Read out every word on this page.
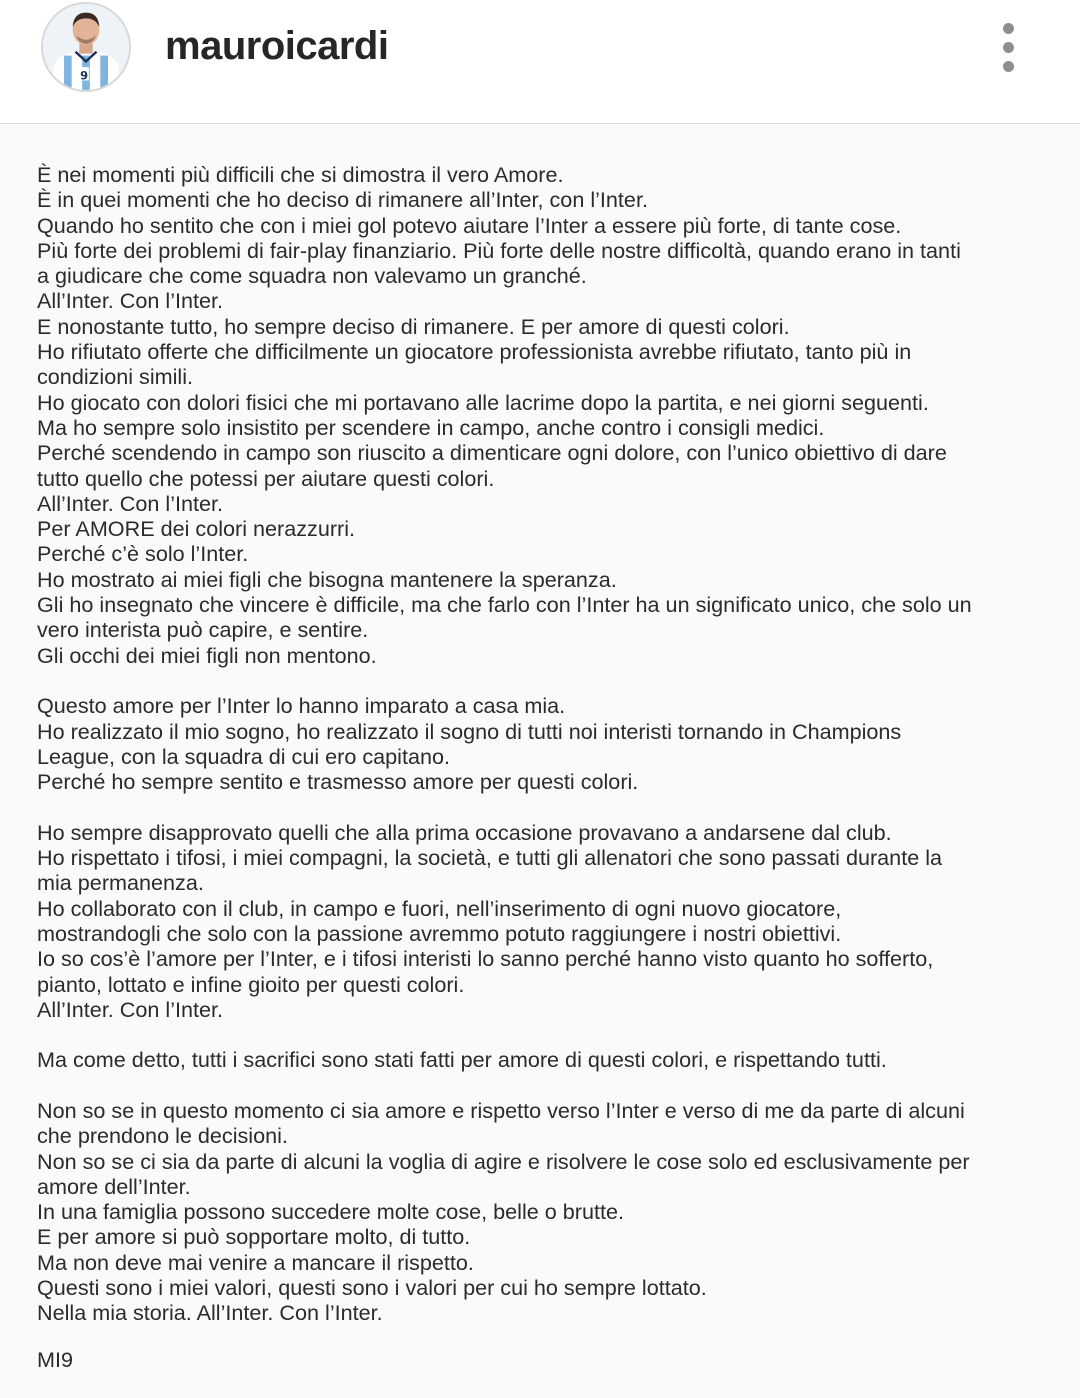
9
mauroicardi
È nei momenti più difficili che si dimostra il vero Amore.
È in quei momenti che ho deciso di rimanere all’Inter, con l’Inter.
Quando ho sentito che con i miei gol potevo aiutare l’Inter a essere più forte, di tante cose.
Più forte dei problemi di fair-play finanziario. Più forte delle nostre difficoltà, quando erano in tanti
a giudicare che come squadra non valevamo un granché.
All’Inter. Con l’Inter.
E nonostante tutto, ho sempre deciso di rimanere. E per amore di questi colori.
Ho rifiutato offerte che difficilmente un giocatore professionista avrebbe rifiutato, tanto più in
condizioni simili.
Ho giocato con dolori fisici che mi portavano alle lacrime dopo la partita, e nei giorni seguenti.
Ma ho sempre solo insistito per scendere in campo, anche contro i consigli medici.
Perché scendendo in campo son riuscito a dimenticare ogni dolore, con l’unico obiettivo di dare
tutto quello che potessi per aiutare questi colori.
All’Inter. Con l’Inter.
Per AMORE dei colori nerazzurri.
Perché c’è solo l’Inter.
Ho mostrato ai miei figli che bisogna mantenere la speranza.
Gli ho insegnato che vincere è difficile, ma che farlo con l’Inter ha un significato unico, che solo un
vero interista può capire, e sentire.
Gli occhi dei miei figli non mentono.
Questo amore per l’Inter lo hanno imparato a casa mia.
Ho realizzato il mio sogno, ho realizzato il sogno di tutti noi interisti tornando in Champions
League, con la squadra di cui ero capitano.
Perché ho sempre sentito e trasmesso amore per questi colori.
Ho sempre disapprovato quelli che alla prima occasione provavano a andarsene dal club.
Ho rispettato i tifosi, i miei compagni, la società, e tutti gli allenatori che sono passati durante la
mia permanenza.
Ho collaborato con il club, in campo e fuori, nell’inserimento di ogni nuovo giocatore,
mostrandogli che solo con la passione avremmo potuto raggiungere i nostri obiettivi.
Io so cos’è l’amore per l’Inter, e i tifosi interisti lo sanno perché hanno visto quanto ho sofferto,
pianto, lottato e infine gioito per questi colori.
All’Inter. Con l’Inter.
Ma come detto, tutti i sacrifici sono stati fatti per amore di questi colori, e rispettando tutti.
Non so se in questo momento ci sia amore e rispetto verso l’Inter e verso di me da parte di alcuni
che prendono le decisioni.
Non so se ci sia da parte di alcuni la voglia di agire e risolvere le cose solo ed esclusivamente per
amore dell’Inter.
In una famiglia possono succedere molte cose, belle o brutte.
E per amore si può sopportare molto, di tutto.
Ma non deve mai venire a mancare il rispetto.
Questi sono i miei valori, questi sono i valori per cui ho sempre lottato.
Nella mia storia. All’Inter. Con l’Inter.
MI9
